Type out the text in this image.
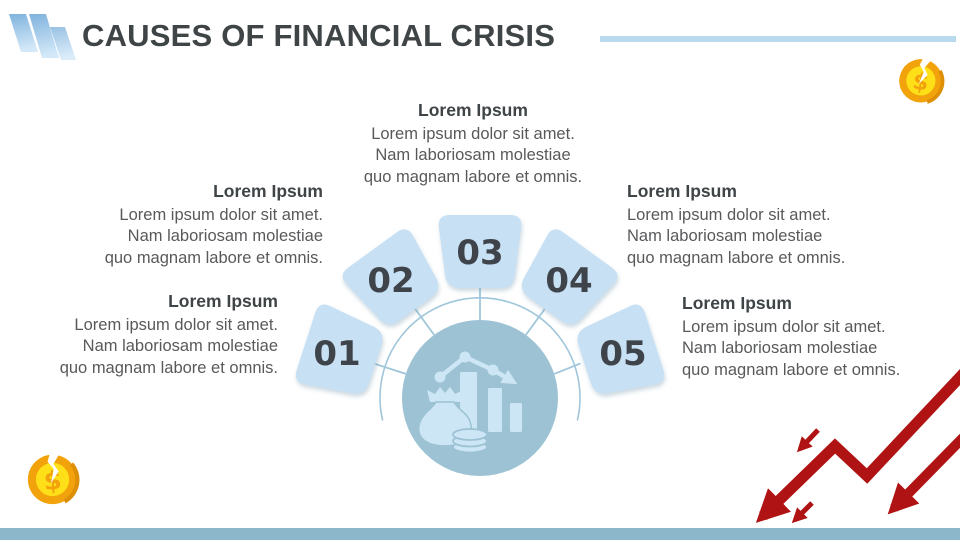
CAUSES OF FINANCIAL CRISIS
Lorem Ipsum
Lorem ipsum dolor sit amet.
Nam laboriosam molestiae
quo magnam labore et omnis.
Lorem Ipsum
Lorem ipsum dolor sit amet.
Nam laboriosam molestiae
quo magnam labore et omnis.
Lorem Ipsum
Lorem ipsum dolor sit amet.
Nam laboriosam molestiae
quo magnam labore et omnis.
Lorem Ipsum
Lorem ipsum dolor sit amet.
Nam laboriosam molestiae
quo magnam labore et omnis.
Lorem Ipsum
Lorem ipsum dolor sit amet.
Nam laboriosam molestiae
quo magnam labore et omnis.
01
02
03
04
05
